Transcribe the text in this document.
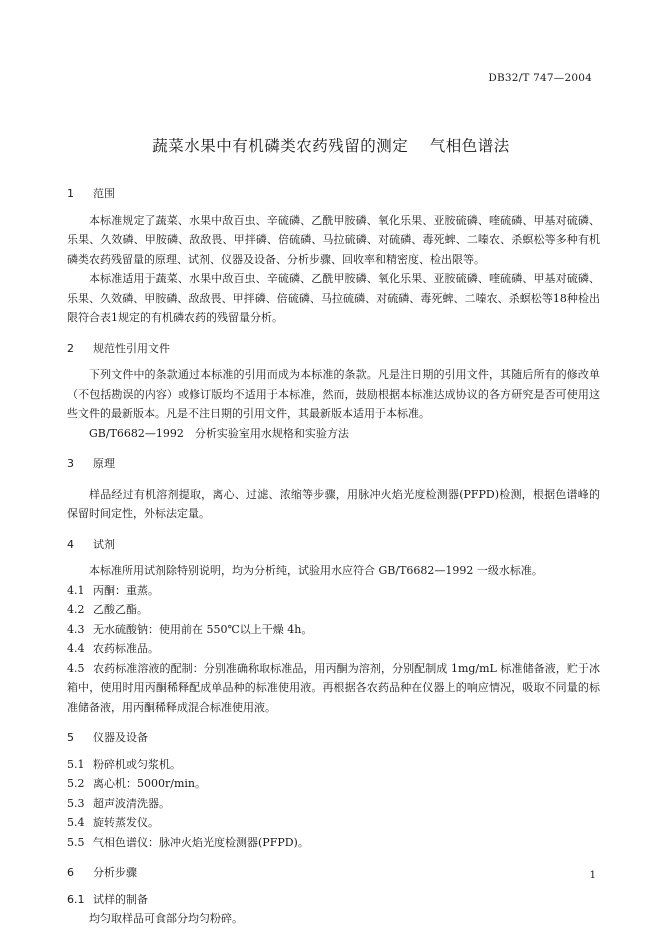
DB32/T 747—2004
蔬菜水果中有机磷类农药残留的测定　 气相色谱法
1 范围

本标准规定了蔬菜、水果中敌百虫、辛硫磷、乙酰甲胺磷、氧化乐果、亚胺硫磷、喹硫磷、甲基对硫磷、乐果、久效磷、甲胺磷、敌敌畏、甲拌磷、倍硫磷、马拉硫磷、对硫磷、毒死蜱、二嗪农、杀螟松等多种有机磷类农药残留量的原理、试剂、仪器及设备、分析步骤、回收率和精密度、检出限等。

本标准适用于蔬菜、水果中敌百虫、辛硫磷、乙酰甲胺磷、氧化乐果、亚胺硫磷、喹硫磷、甲基对硫磷、乐果、久效磷、甲胺磷、敌敌畏、甲拌磷、倍硫磷、马拉硫磷、对硫磷、毒死蜱、二嗪农、杀螟松等18种检出限符合表1规定的有机磷农药的残留量分析。

2 规范性引用文件

下列文件中的条款通过本标准的引用而成为本标准的条款。凡是注日期的引用文件，其随后所有的修改单（不包括勘误的内容）或修订版均不适用于本标准，然而，鼓励根据本标准达成协议的各方研究是否可使用这些文件的最新版本。凡是不注日期的引用文件，其最新版本适用于本标准。

GB/T6682—1992　分析实验室用水规格和实验方法

3 原理

样品经过有机溶剂提取，离心、过滤、浓缩等步骤，用脉冲火焰光度检测器(PFPD)检测，根据色谱峰的保留时间定性，外标法定量。

4 试剂

本标准所用试剂除特别说明，均为分析纯，试验用水应符合 GB/T6682—1992 一级水标准。

4.1 丙酮：重蒸。

4.2 乙酸乙酯。

4.3 无水硫酸钠：使用前在 550℃以上干燥 4h。

4.4 农药标准品。

4.5 农药标准溶液的配制：分别准确称取标准品，用丙酮为溶剂，分别配制成 1mg/mL 标准储备液，贮于冰箱中，使用时用丙酮稀释配成单品种的标准使用液。再根据各农药品种在仪器上的响应情况，吸取不同量的标准储备液，用丙酮稀释成混合标准使用液。

5 仪器及设备

5.1 粉碎机或匀浆机。

5.2 离心机：5000r/min。

5.3 超声波清洗器。

5.4 旋转蒸发仪。

5.5 气相色谱仪：脉冲火焰光度检测器(PFPD)。

6 分析步骤
6.1 试样的制备

均匀取样品可食部分均匀粉碎。

1
